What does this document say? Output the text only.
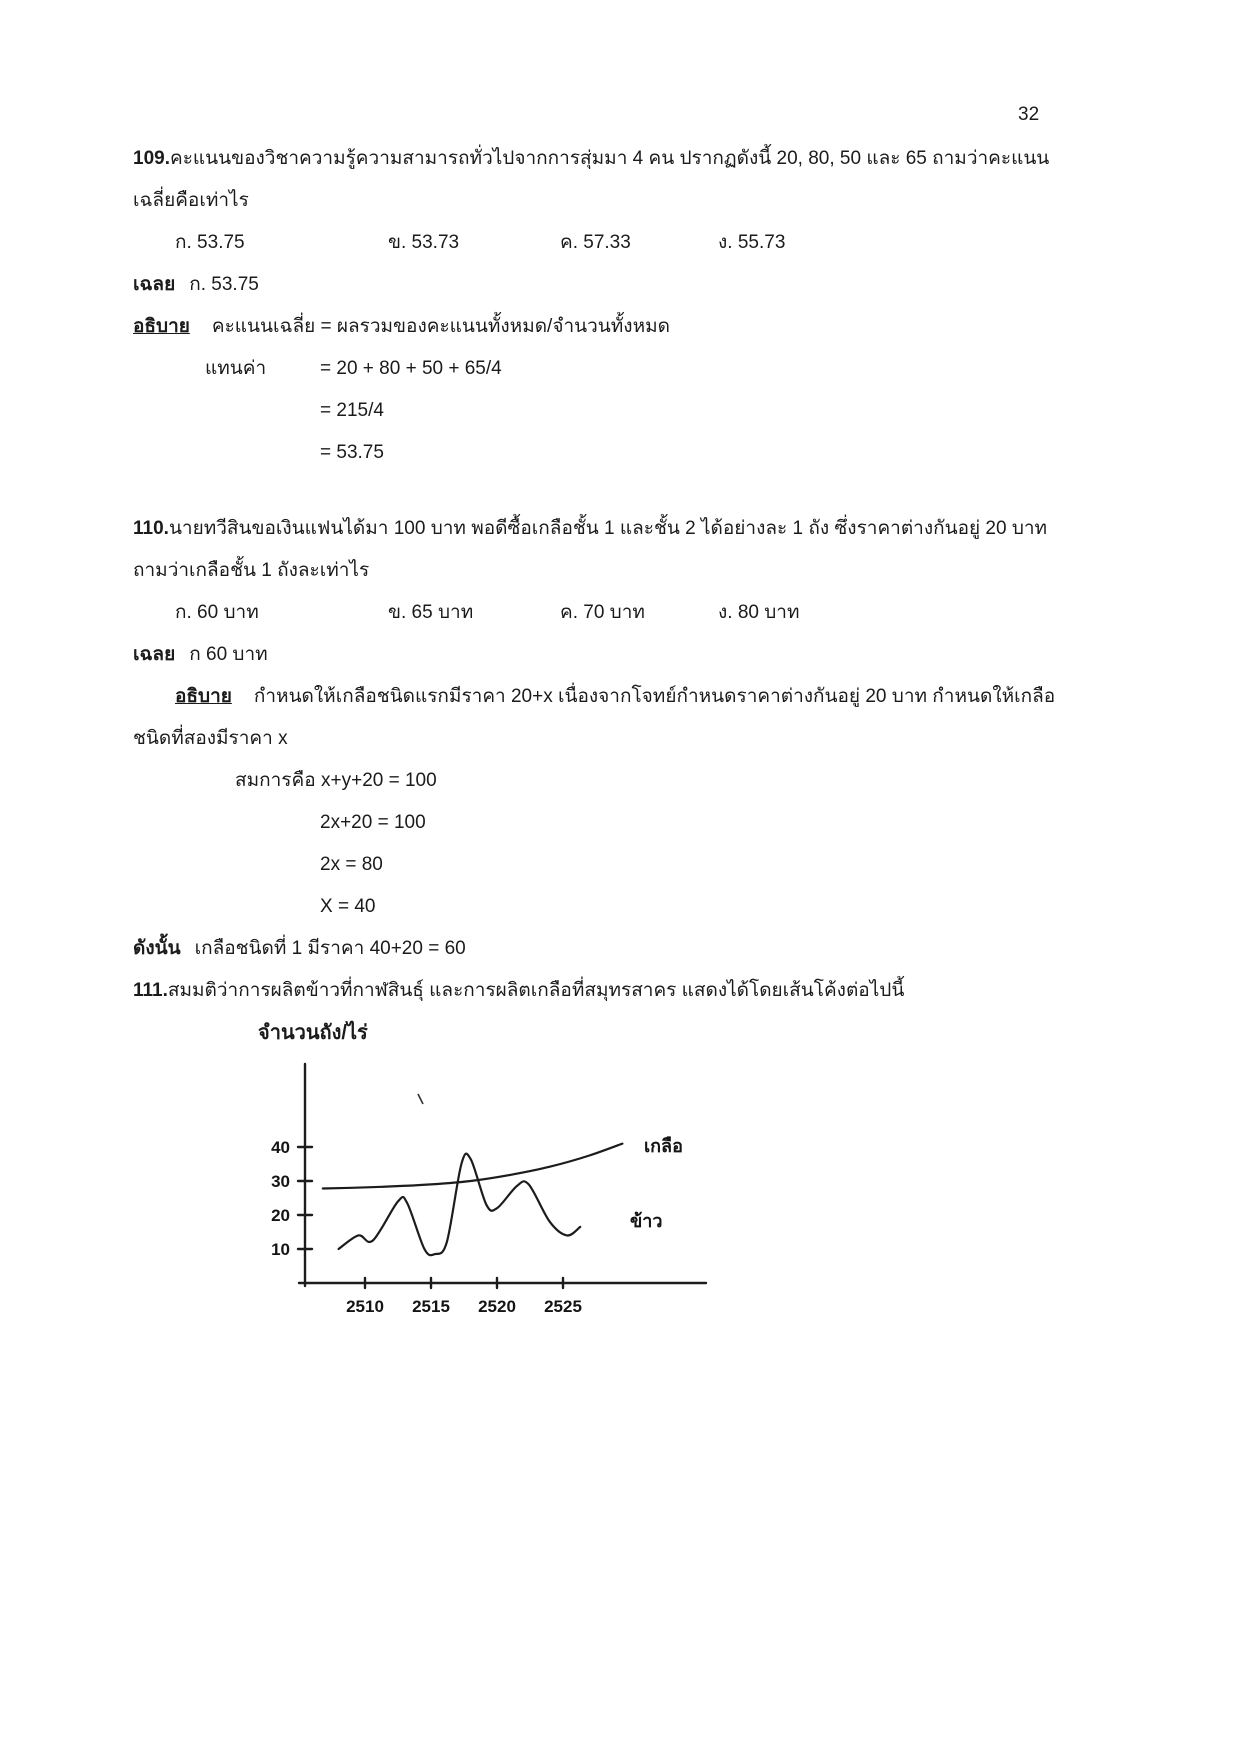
32
109.คะแนนของวิชาความรู้ความสามารถทั่วไปจากการสุ่มมา 4 คน ปรากฏดังนี้ 20, 80, 50 และ 65 ถามว่าคะแนน
เฉลี่ยคือเท่าไร
ก. 53.75	ข. 53.73	ค. 57.33	ง. 55.73
เฉลย ก. 53.75
อธิบาย คะแนนเฉลี่ย = ผลรวมของคะแนนทั้งหมด/จำนวนทั้งหมด
แทนค่า	= 20 + 80 + 50 + 65/4
= 215/4
= 53.75
110.นายทวีสินขอเงินแฟนได้มา 100 บาท พอดีซื้อเกลือชั้น 1 และชั้น 2 ได้อย่างละ 1 ถัง ซึ่งราคาต่างกันอยู่ 20 บาท
ถามว่าเกลือชั้น 1 ถังละเท่าไร
ก. 60 บาท	ข. 65 บาท	ค. 70 บาท	ง. 80 บาท
เฉลย ก 60 บาท
อธิบาย กำหนดให้เกลือชนิดแรกมีราคา 20+x เนื่องจากโจทย์กำหนดราคาต่างกันอยู่ 20 บาท กำหนดให้เกลือ
ชนิดที่สองมีราคา x
สมการคือ x+y+20 = 100
2x+20 = 100
2x = 80
X = 40
ดังนั้น เกลือชนิดที่ 1 มีราคา 40+20 = 60
111.สมมติว่าการผลิตข้าวที่กาฬสินธุ์ และการผลิตเกลือที่สมุทรสาคร แสดงได้โดยเส้นโค้งต่อไปนี้
จำนวนถัง/ไร่
40
30
20
10
2510 2515 2520 2525
เกลือ
ข้าว
